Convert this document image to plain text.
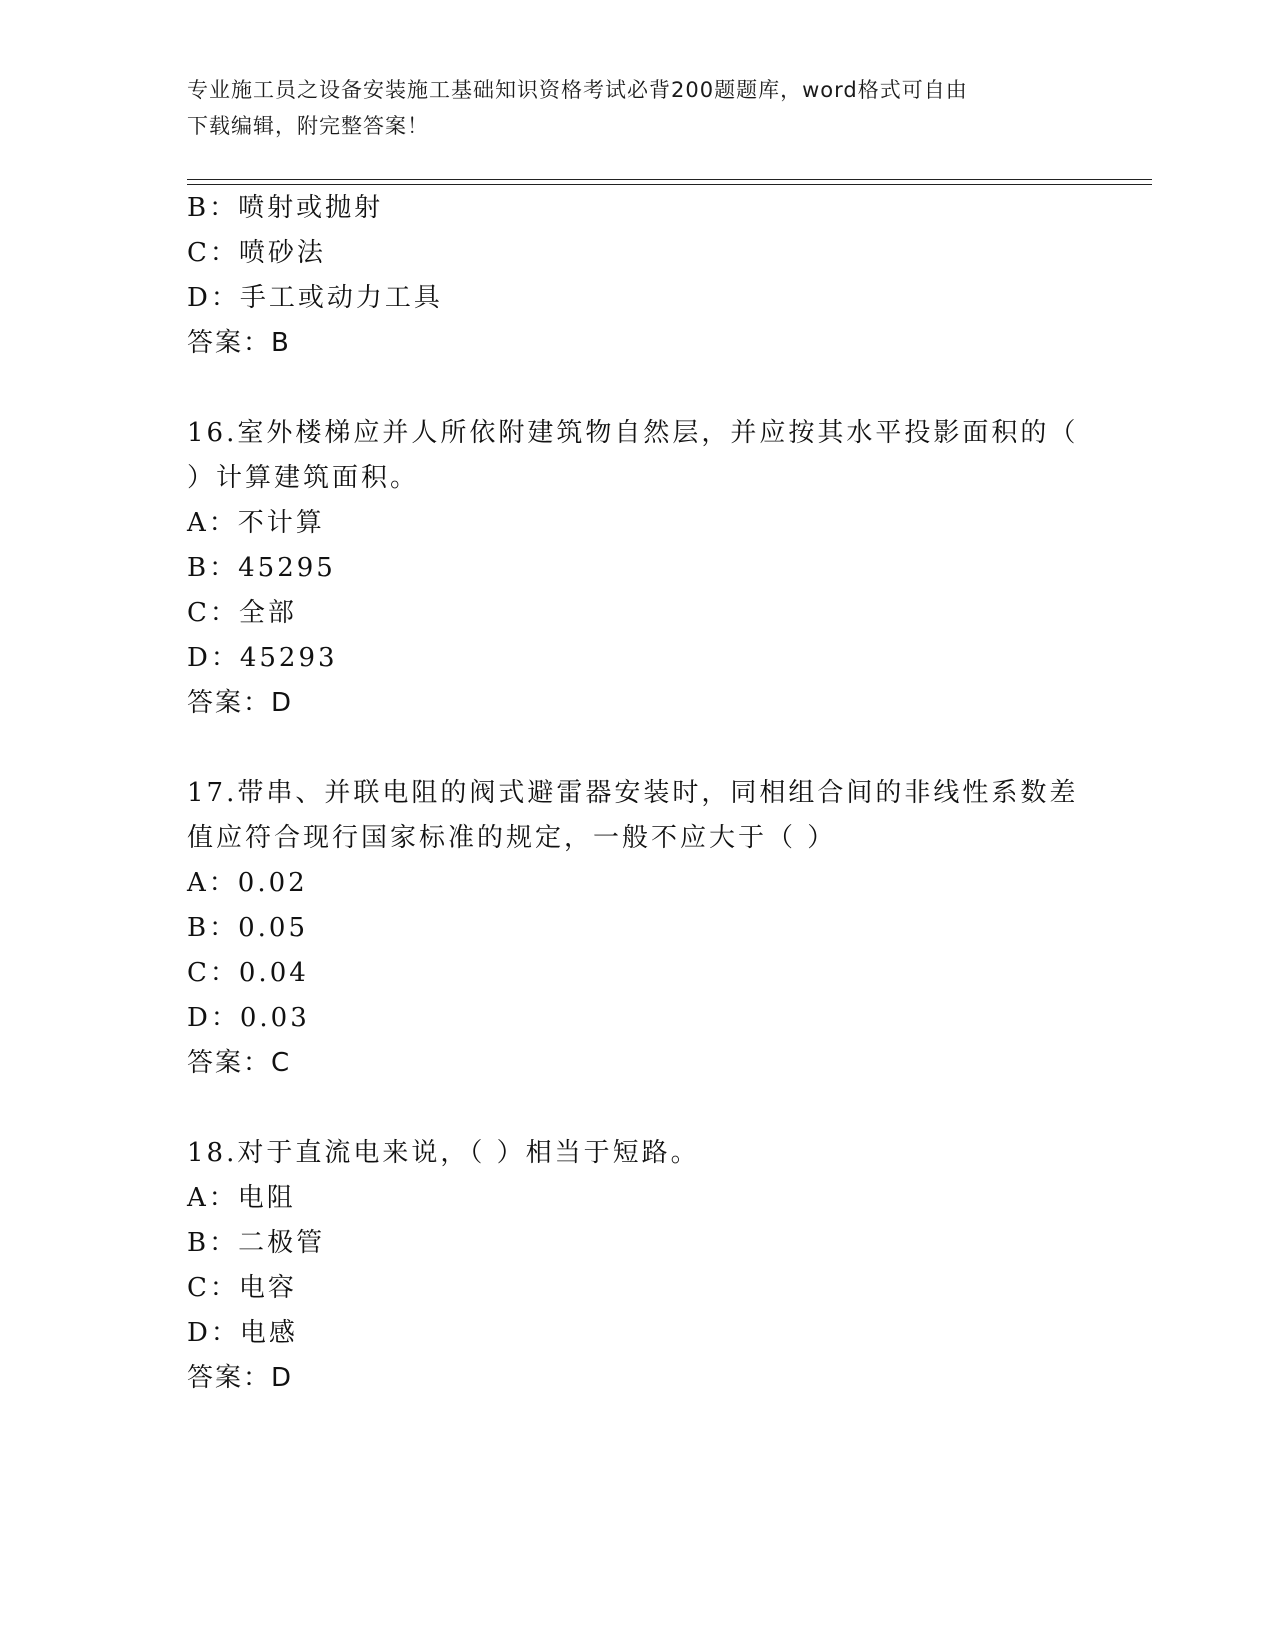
专业施工员之设备安装施工基础知识资格考试必背200题题库，word格式可自由
下载编辑，附完整答案！
B：喷射或抛射
C：喷砂法
D：手工或动力工具
答案：B
16.室外楼梯应并人所依附建筑物自然层，并应按其水平投影面积的（
）计算建筑面积。
A：不计算
B：45295
C：全部
D：45293
答案：D
17.带串、并联电阻的阀式避雷器安装时，同相组合间的非线性系数差
值应符合现行国家标准的规定，一般不应大于（ ）
A：0.02
B：0.05
C：0.04
D：0.03
答案：C
18.对于直流电来说，（ ）相当于短路。
A：电阻
B：二极管
C：电容
D：电感
答案：D
